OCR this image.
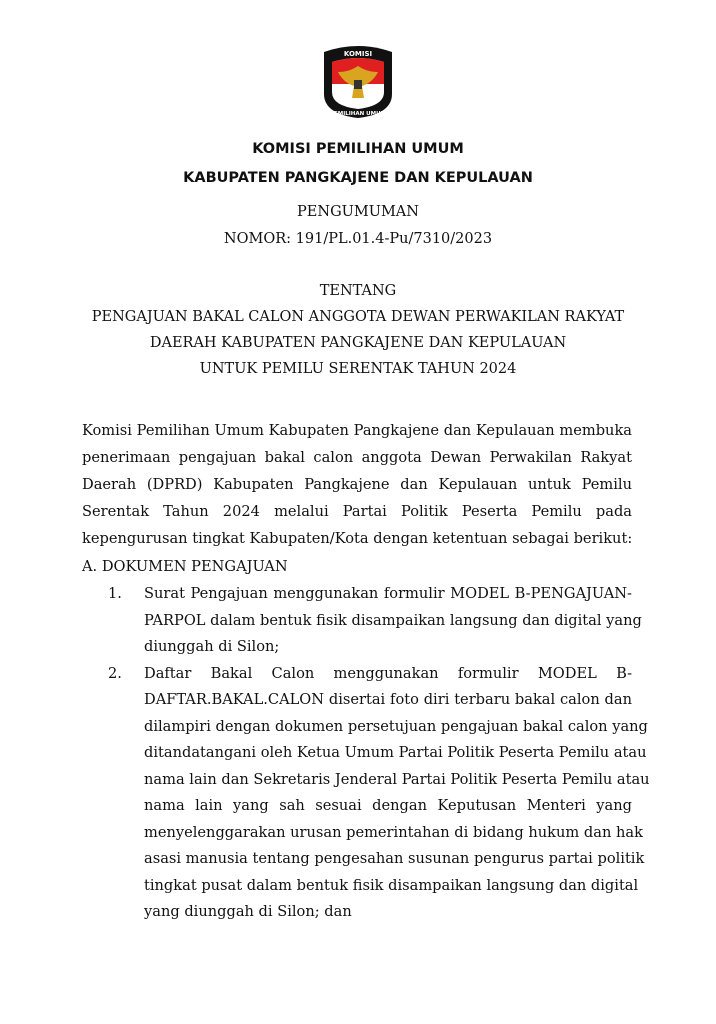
KOMISI
PEMILIHAN UMUM
KOMISI PEMILIHAN UMUM
KABUPATEN PANGKAJENE DAN KEPULAUAN
PENGUMUMAN
NOMOR: 191/PL.01.4-Pu/7310/2023
TENTANG
PENGAJUAN BAKAL CALON ANGGOTA DEWAN PERWAKILAN RAKYAT
DAERAH KABUPATEN PANGKAJENE DAN KEPULAUAN
UNTUK PEMILU SERENTAK TAHUN 2024
Komisi Pemilihan Umum Kabupaten Pangkajene dan Kepulauan membuka
penerimaan pengajuan bakal calon anggota Dewan Perwakilan Rakyat
Daerah (DPRD) Kabupaten Pangkajene dan Kepulauan untuk Pemilu
Serentak Tahun 2024 melalui Partai Politik Peserta Pemilu pada
kepengurusan tingkat Kabupaten/Kota dengan ketentuan sebagai berikut:
A. DOKUMEN PENGAJUAN
1. Surat Pengajuan menggunakan formulir MODEL B-PENGAJUAN-
PARPOL dalam bentuk fisik disampaikan langsung dan digital yang
diunggah di Silon;
2. Daftar Bakal Calon menggunakan formulir MODEL B-
DAFTAR.BAKAL.CALON disertai foto diri terbaru bakal calon dan
dilampiri dengan dokumen persetujuan pengajuan bakal calon yang
ditandatangani oleh Ketua Umum Partai Politik Peserta Pemilu atau
nama lain dan Sekretaris Jenderal Partai Politik Peserta Pemilu atau
nama lain yang sah sesuai dengan Keputusan Menteri yang
menyelenggarakan urusan pemerintahan di bidang hukum dan hak
asasi manusia tentang pengesahan susunan pengurus partai politik
tingkat pusat dalam bentuk fisik disampaikan langsung dan digital
yang diunggah di Silon; dan
